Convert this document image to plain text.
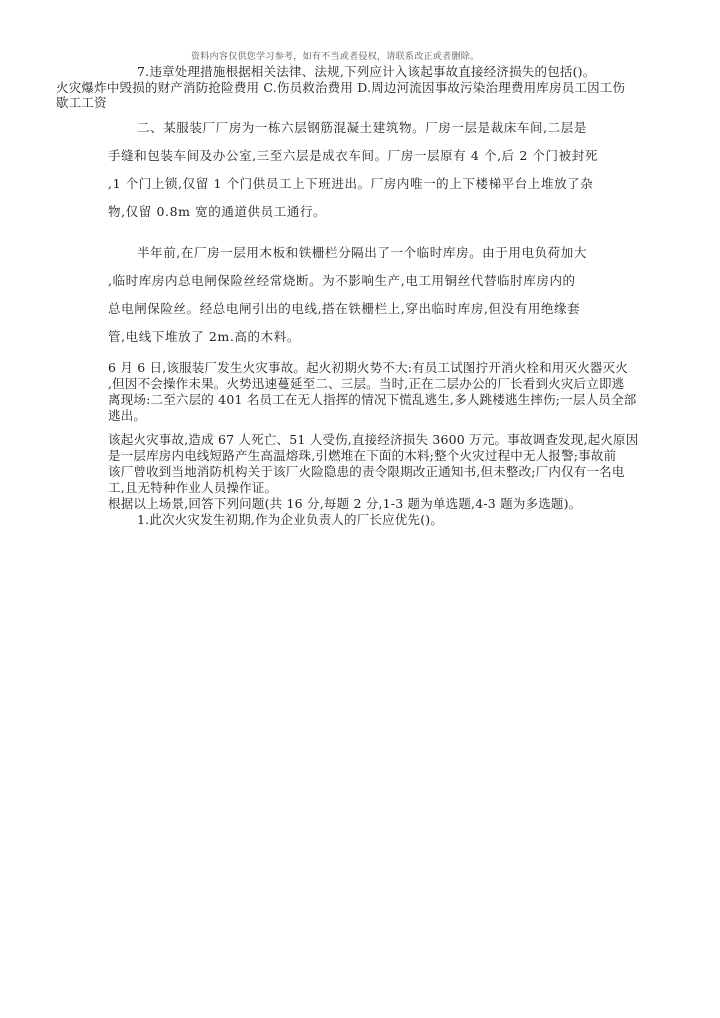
资料内容仅供您学习参考，如有不当或者侵权，请联系改正或者删除。
7.违章处理措施根据相关法律、法规,下列应计入该起事故直接经济损失的包括()。
火灾爆炸中毁损的财产消防抢险费用 C.伤员救治费用 D.周边河流因事故污染治理费用库房员工因工伤
歇工工资
二、某服装厂厂房为一栋六层钢筋混凝土建筑物。厂房一层是裁床车间,二层是
手缝和包装车间及办公室,三至六层是成衣车间。厂房一层原有 4 个,后 2 个门被封死
,1 个门上锁,仅留 1 个门供员工上下班进出。厂房内唯一的上下楼梯平台上堆放了杂
物,仅留 0.8m 宽的通道供员工通行。
半年前,在厂房一层用木板和铁栅栏分隔出了一个临时库房。由于用电负荷加大
,临时库房内总电闸保险丝经常烧断。为不影响生产,电工用铜丝代替临肘库房内的
总电闸保险丝。经总电闸引出的电线,搭在铁栅栏上,穿出临时库房,但没有用绝缘套
管,电线下堆放了 2m.高的木料。
6 月 6 日,该服装厂发生火灾事故。起火初期火势不大:有员工试图拧开消火栓和用灭火器灭火
,但因不会操作未果。火势迅速蔓延至二、三层。当时,正在二层办公的厂长看到火灾后立即逃
离现场:二至六层的 401 名员工在无人指挥的情况下慌乱逃生,多人跳楼逃生摔伤;一层人员全部
逃出。
该起火灾事故,造成 67 人死亡、51 人受伤,直接经济损失 3600 万元。事故调查发现,起火原因
是一层库房内电线短路产生高温熔珠,引燃堆在下面的木料;整个火灾过程中无人报警;事故前
该厂曾收到当地消防机构关于该厂火险隐患的责令限期改正通知书,但未整改;厂内仅有一名电
工,且无特种作业人员操作证。
根据以上场景,回答下列问题(共 16 分,每题 2 分,1-3 题为单选题,4-3 题为多选题)。
1.此次火灾发生初期,作为企业负责人的厂长应优先()。
